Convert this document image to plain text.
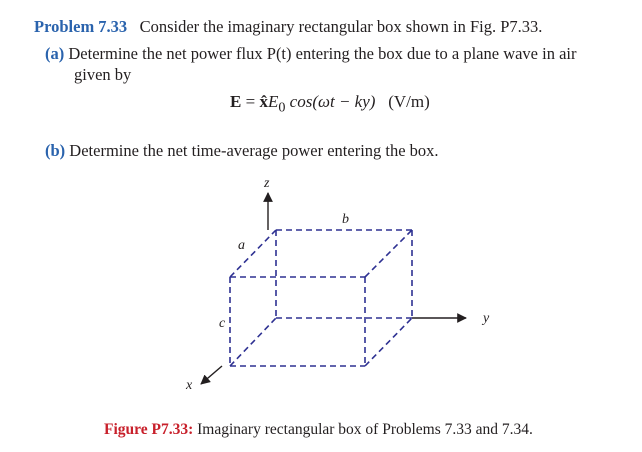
Problem 7.33 Consider the imaginary rectangular box shown in Fig. P7.33.
(a) Determine the net power flux P(t) entering the box due to a plane wave in air
given by
$E = x̂E_0$ cos(ωt − ky) (V/m)
(b) Determine the net time-average power entering the box.
z
y
x
a
b
c
Figure P7.33: Imaginary rectangular box of Problems 7.33 and 7.34.
